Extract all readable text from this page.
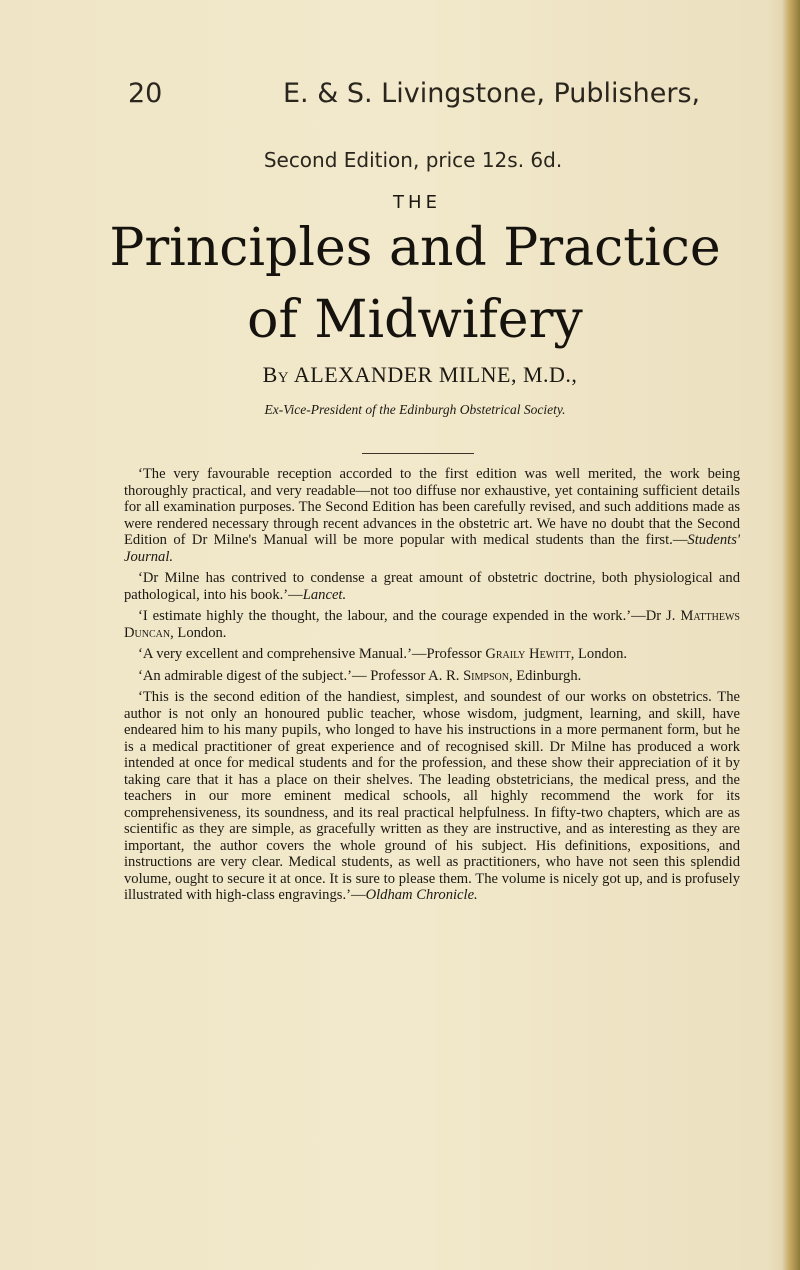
20	E. & S. Livingstone, Publishers,
Second Edition, price 12s. 6d.
THE
Principles and Practice
of Midwifery
By ALEXANDER MILNE, M.D.,
Ex-Vice-President of the Edinburgh Obstetrical Society.

‘The very favourable reception accorded to the first edition was well merited, the work being thoroughly practical, and very readable—not too diffuse nor exhaustive, yet containing sufficient details for all examination purposes. The Second Edition has been carefully revised, and such additions made as were rendered necessary through recent advances in the obstetric art. We have no doubt that the Second Edition of Dr Milne's Manual will be more popular with medical students than the first.—Students' Journal.

‘Dr Milne has contrived to condense a great amount of obstetric doctrine, both physiological and pathological, into his book.’—Lancet.

‘I estimate highly the thought, the labour, and the courage expended in the work.’—Dr J. Matthews Duncan, London.

‘A very excellent and comprehensive Manual.’—Professor Graily Hewitt, London.

‘An admirable digest of the subject.’— Professor A. R. Simpson, Edinburgh.

‘This is the second edition of the handiest, simplest, and soundest of our works on obstetrics. The author is not only an honoured public teacher, whose wisdom, judgment, learning, and skill, have endeared him to his many pupils, who longed to have his instructions in a more permanent form, but he is a medical practitioner of great experience and of recognised skill. Dr Milne has produced a work intended at once for medical students and for the profession, and these show their appreciation of it by taking care that it has a place on their shelves. The leading obstetricians, the medical press, and the teachers in our more eminent medical schools, all highly recommend the work for its comprehensiveness, its soundness, and its real practical helpfulness. In fifty-two chapters, which are as scientific as they are simple, as gracefully written as they are instructive, and as interesting as they are important, the author covers the whole ground of his subject. His definitions, expositions, and instructions are very clear. Medical students, as well as practitioners, who have not seen this splendid volume, ought to secure it at once. It is sure to please them. The volume is nicely got up, and is profusely illustrated with high-class engravings.’—Oldham Chronicle.
